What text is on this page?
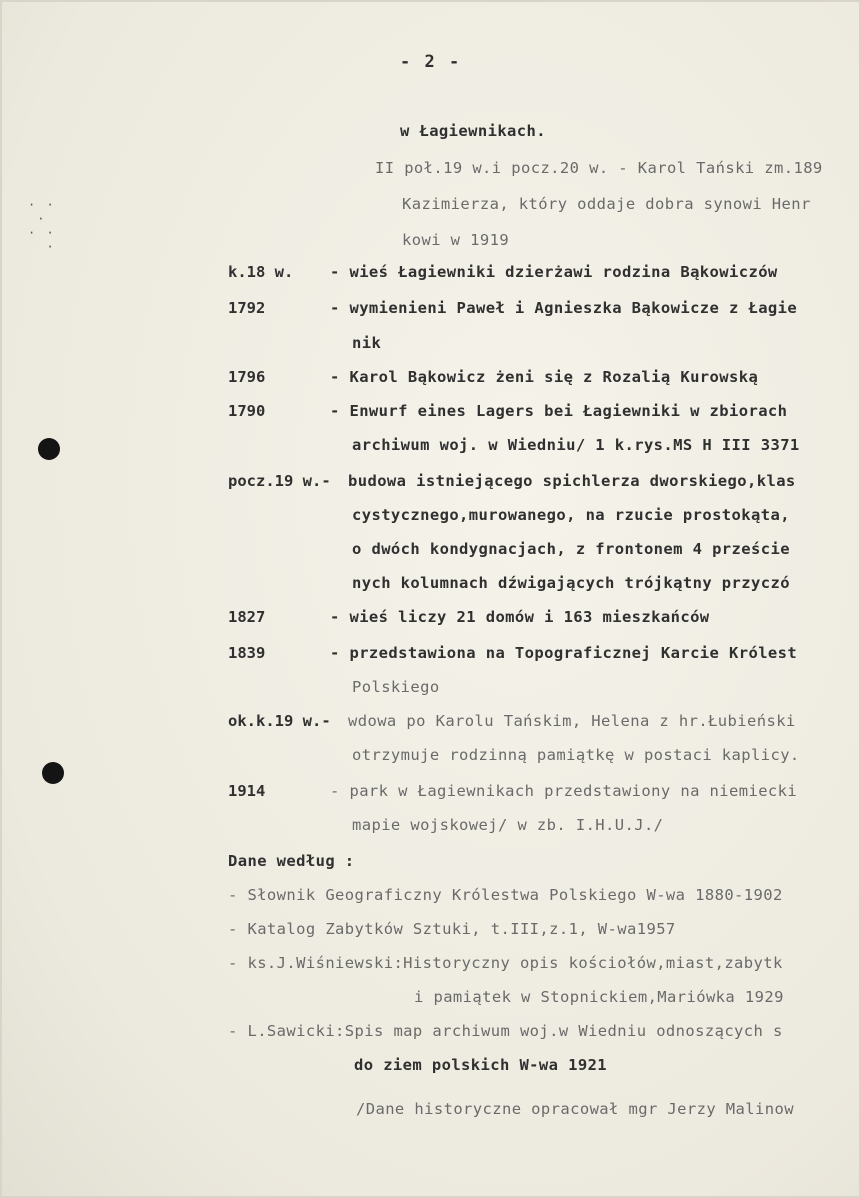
· ·
·
· ·
·
- 2 -
w Łagiewnikach.
II poł.19 w.i pocz.20 w. - Karol Tański zm.189
Kazimierza, który oddaje dobra synowi Henr
kowi w 1919
k.18 w. - wieś Łagiewniki dzierżawi rodzina Bąkowiczów
1792	- wymienieni Paweł i Agnieszka Bąkowicze z Łagie
nik
1796	- Karol Bąkowicz żeni się z Rozalią Kurowską
1790	- Enwurf eines Lagers bei Łagiewniki w zbiorach
archiwum woj. w Wiedniu/ 1 k.rys.MS H III 3371
pocz.19 w.- budowa istniejącego spichlerza dworskiego,klas
cystycznego,murowanego, na rzucie prostokąta,
o dwóch kondygnacjach, z frontonem 4 przeście
nych kolumnach dźwigających trójkątny przyczó
1827	- wieś liczy 21 domów i 163 mieszkańców
1839	- przedstawiona na Topograficznej Karcie Królest
Polskiego
ok.k.19 w.- wdowa po Karolu Tańskim, Helena z hr.Łubieński
otrzymuje rodzinną pamiątkę w postaci kaplicy.
1914	- park w Łagiewnikach przedstawiony na niemiecki
mapie wojskowej/ w zb. I.H.U.J./
Dane według :
- Słownik Geograficzny Królestwa Polskiego W-wa 1880-1902
- Katalog Zabytków Sztuki, t.III,z.1, W-wa1957
- ks.J.Wiśniewski:Historyczny opis kościołów,miast,zabytk
i pamiątek w Stopnickiem,Mariówka 1929
- L.Sawicki:Spis map archiwum woj.w Wiedniu odnoszących s
do ziem polskich W-wa 1921
/Dane historyczne opracował mgr Jerzy Malinow
